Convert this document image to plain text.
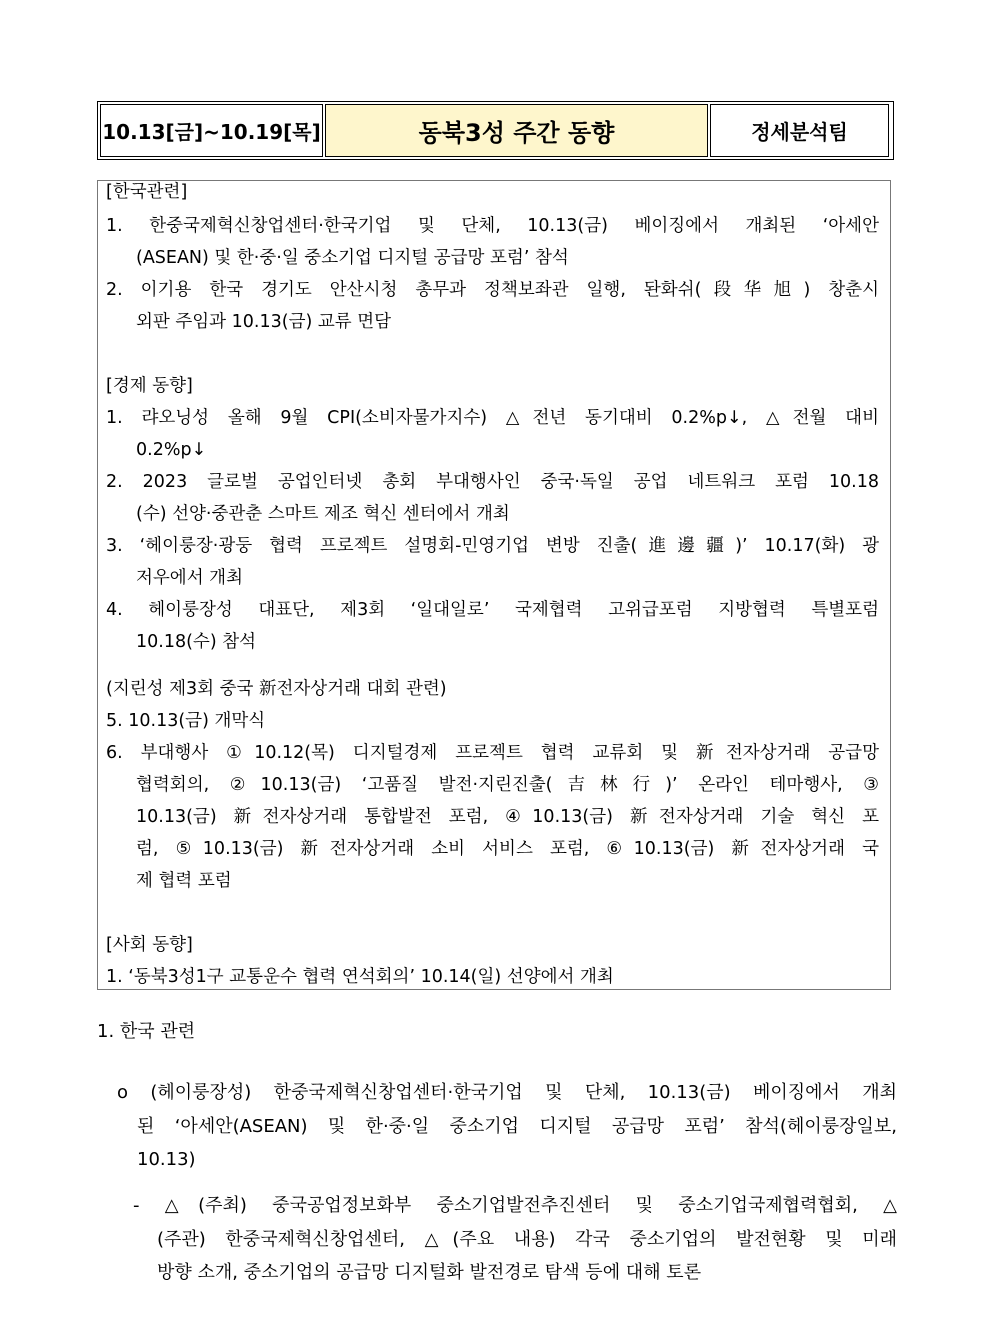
10.13[금]~10.19[목]	동북3성 주간 동향	정세분석팀

[한국관련]

1. 한중국제혁신창업센터·한국기업 및 단체, 10.13(금) 베이징에서 개최된 ‘아세안

(ASEAN) 및 한·중·일 중소기업 디지털 공급망 포럼’ 참석

2. 이기용 한국 경기도 안산시청 총무과 정책보좌관 일행, 돤화쉬(段华旭) 창춘시

외판 주임과 10.13(금) 교류 면담

[경제 동향]

1. 랴오닝성 올해 9월 CPI(소비자물가지수) △전년 동기대비 0.2%p↓, △전월 대비

0.2%p↓

2. 2023 글로벌 공업인터넷 총회 부대행사인 중국·독일 공업 네트워크 포럼 10.18

(수) 선양·중관춘 스마트 제조 혁신 센터에서 개최

3. ‘헤이룽장·광둥 협력 프로젝트 설명회-민영기업 변방 진출(進邊疆)’ 10.17(화) 광

저우에서 개최

4. 헤이룽장성 대표단, 제3회 ‘일대일로’ 국제협력 고위급포럼 지방협력 특별포럼

10.18(수) 참석

(지린성 제3회 중국 新전자상거래 대회 관련)

5. 10.13(금) 개막식

6. 부대행사 ①10.12(목) 디지털경제 프로젝트 협력 교류회 및 新전자상거래 공급망

협력회의, ②10.13(금) ‘고품질 발전·지린진출(吉林行)’ 온라인 테마행사, ③

10.13(금) 新전자상거래 통합발전 포럼, ④10.13(금) 新전자상거래 기술 혁신 포

럼, ⑤10.13(금) 新전자상거래 소비 서비스 포럼, ⑥10.13(금) 新전자상거래 국

제 협력 포럼

[사회 동향]

1. ‘동북3성1구 교통운수 협력 연석회의’ 10.14(일) 선양에서 개최

1. 한국 관련

o (헤이룽장성) 한중국제혁신창업센터·한국기업 및 단체, 10.13(금) 베이징에서 개최

된 ‘아세안(ASEAN) 및 한·중·일 중소기업 디지털 공급망 포럼’ 참석(헤이룽장일보,

10.13)

- △(주최) 중국공업정보화부 중소기업발전추진센터 및 중소기업국제협력협회, △

(주관) 한중국제혁신창업센터, △(주요 내용) 각국 중소기업의 발전현황 및 미래

방향 소개, 중소기업의 공급망 디지털화 발전경로 탐색 등에 대해 토론
